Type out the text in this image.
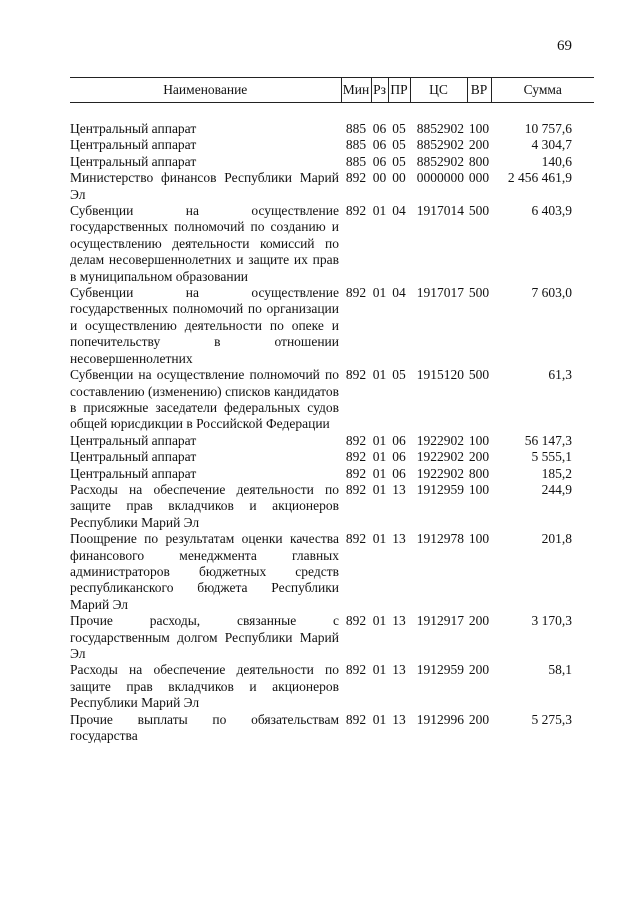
69
Наименование	Мин	Рз	ПР	ЦС	ВР	Сумма
Центральный аппарат	885	06	05	8852902	100	10 757,6
Центральный аппарат	885	06	05	8852902	200	4 304,7
Центральный аппарат	885	06	05	8852902	800	140,6
Министерство финансов Республики Марий Эл	892	00	00	0000000	000	2 456 461,9
Субвенции на осуществление государственных полномочий по созданию и осуществлению деятельности комиссий по делам несовершеннолетних и защите их прав в муниципальном образовании	892	01	04	1917014	500	6 403,9
Субвенции на осуществление государственных полномочий по организации и осуществлению деятельности по опеке и попечительству в отношении несовершеннолетних	892	01	04	1917017	500	7 603,0
Субвенции на осуществление полномочий по составлению (изменению) списков кандидатов в присяжные заседатели федеральных судов общей юрисдикции в Российской Федерации	892	01	05	1915120	500	61,3
Центральный аппарат	892	01	06	1922902	100	56 147,3
Центральный аппарат	892	01	06	1922902	200	5 555,1
Центральный аппарат	892	01	06	1922902	800	185,2
Расходы на обеспечение деятельности по защите прав вкладчиков и акционеров Республики Марий Эл	892	01	13	1912959	100	244,9
Поощрение по результатам оценки качества финансового менеджмента главных администраторов бюджетных средств республиканского бюджета Республики Марий Эл	892	01	13	1912978	100	201,8
Прочие расходы, связанные с государственным долгом Республики Марий Эл	892	01	13	1912917	200	3 170,3
Расходы на обеспечение деятельности по защите прав вкладчиков и акционеров Республики Марий Эл	892	01	13	1912959	200	58,1
Прочие выплаты по обязательствам государства	892	01	13	1912996	200	5 275,3
